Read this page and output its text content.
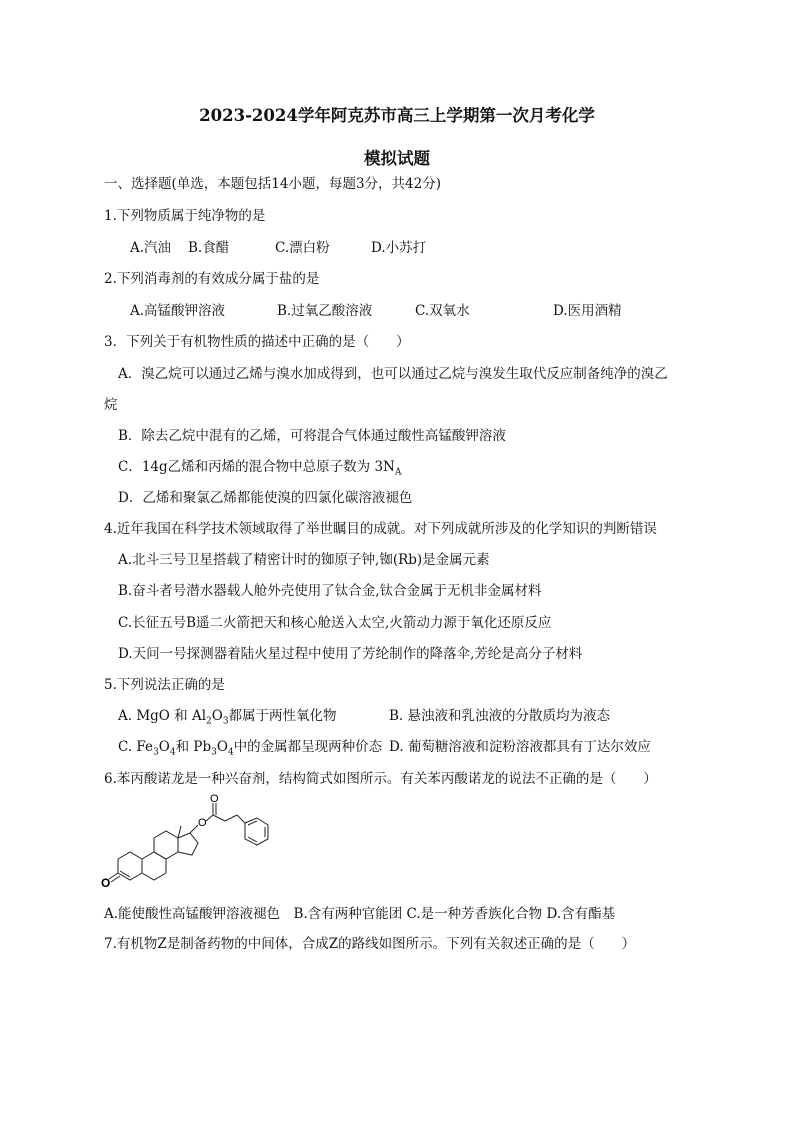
2023-2024学年阿克苏市高三上学期第一次月考化学
模拟试题
一、选择题(单选，本题包括14小题，每题3分，共42分)
1.下列物质属于纯净物的是
A.汽油 B.食醋	C.漂白粉	D.小苏打
2.下列消毒剂的有效成分属于盐的是
A.高锰酸钾溶液	B.过氧乙酸溶液	C.双氧水	D.医用酒精
3．下列关于有机物性质的描述中正确的是（　　）
A．溴乙烷可以通过乙烯与溴水加成得到，也可以通过乙烷与溴发生取代反应制备纯净的溴乙
烷
B．除去乙烷中混有的乙烯，可将混合气体通过酸性高锰酸钾溶液
C．14g乙烯和丙烯的混合物中总原子数为 $3N_A$
D．乙烯和聚氯乙烯都能使溴的四氯化碳溶液褪色
4.近年我国在科学技术领域取得了举世瞩目的成就。对下列成就所涉及的化学知识的判断错误
A.北斗三号卫星搭载了精密计时的铷原子钟,铷(Rb)是金属元素
B.奋斗者号潜水器载人舱外壳使用了钛合金,钛合金属于无机非金属材料
C.长征五号B遥二火箭把天和核心舱送入太空,火箭动力源于氧化还原反应
D.天问一号探测器着陆火星过程中使用了芳纶制作的降落伞,芳纶是高分子材料
5.下列说法正确的是
A. MgO 和 $Al_2O_3$都属于两性氧化物	B. 悬浊液和乳浊液的分散质均为液态
C. $Fe_3O_4$和 $Pb_3O_4$中的金属都呈现两种价态 D. 葡萄糖溶液和淀粉溶液都具有丁达尔效应
6.苯丙酸诺龙是一种兴奋剂，结构简式如图所示。有关苯丙酸诺龙的说法不正确的是（　　）
O
O
O
A.能使酸性高锰酸钾溶液褪色　B.含有两种官能团 C.是一种芳香族化合物 D.含有酯基
7.有机物Z是制备药物的中间体，合成Z的路线如图所示。下列有关叙述正确的是（　　）
